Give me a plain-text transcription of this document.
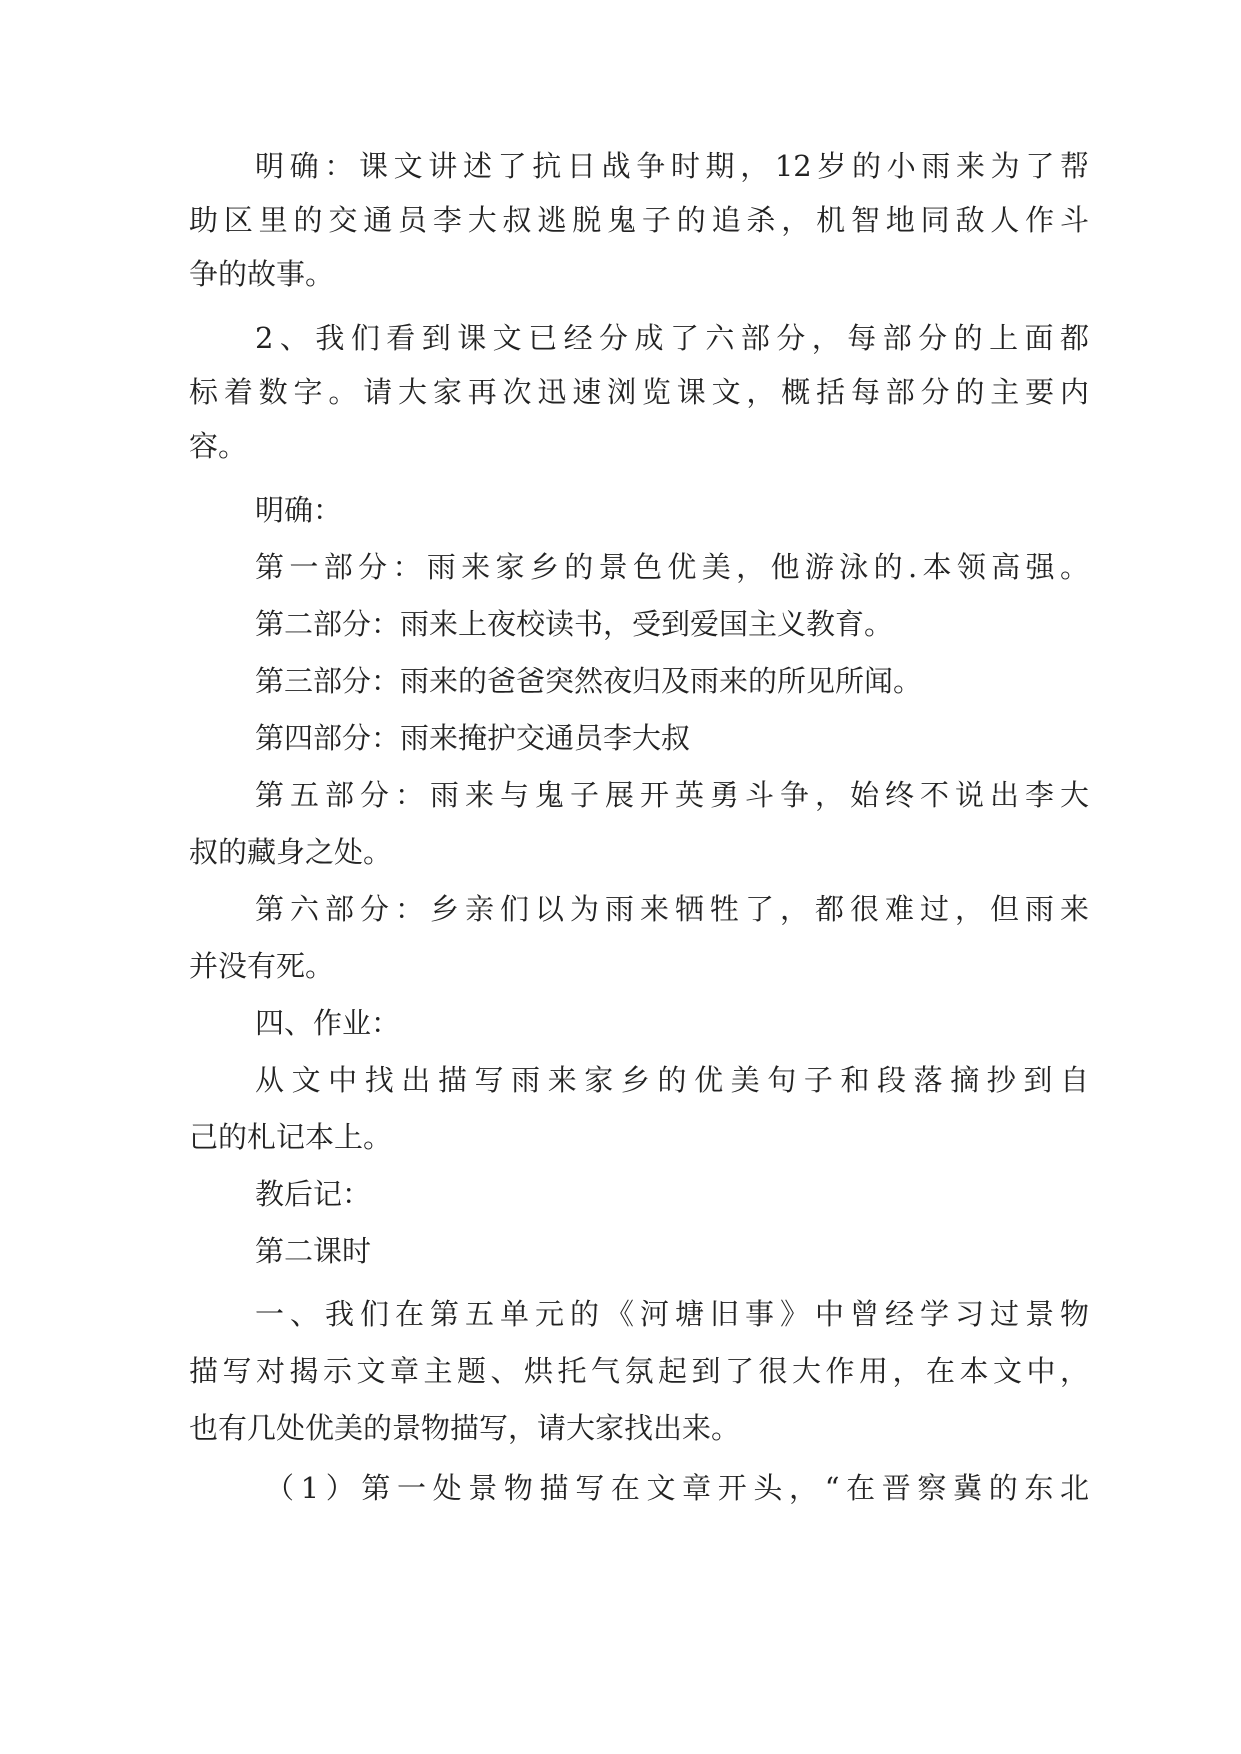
明确：课文讲述了抗日战争时期，12岁的小雨来为了帮

助区里的交通员李大叔逃脱鬼子的追杀，机智地同敌人作斗

争的故事。

2、我们看到课文已经分成了六部分，每部分的上面都

标着数字。请大家再次迅速浏览课文，概括每部分的主要内

容。

明确：

第一部分：雨来家乡的景色优美，他游泳的.本领高强。

第二部分：雨来上夜校读书，受到爱国主义教育。

第三部分：雨来的爸爸突然夜归及雨来的所见所闻。

第四部分：雨来掩护交通员李大叔

第五部分：雨来与鬼子展开英勇斗争，始终不说出李大

叔的藏身之处。

第六部分：乡亲们以为雨来牺牲了，都很难过，但雨来

并没有死。

四、作业：

从文中找出描写雨来家乡的优美句子和段落摘抄到自

己的札记本上。

教后记：

第二课时

一、我们在第五单元的《河塘旧事》中曾经学习过景物

描写对揭示文章主题、烘托气氛起到了很大作用，在本文中，

也有几处优美的景物描写，请大家找出来。

（1）第一处景物描写在文章开头，“在晋察冀的东北
